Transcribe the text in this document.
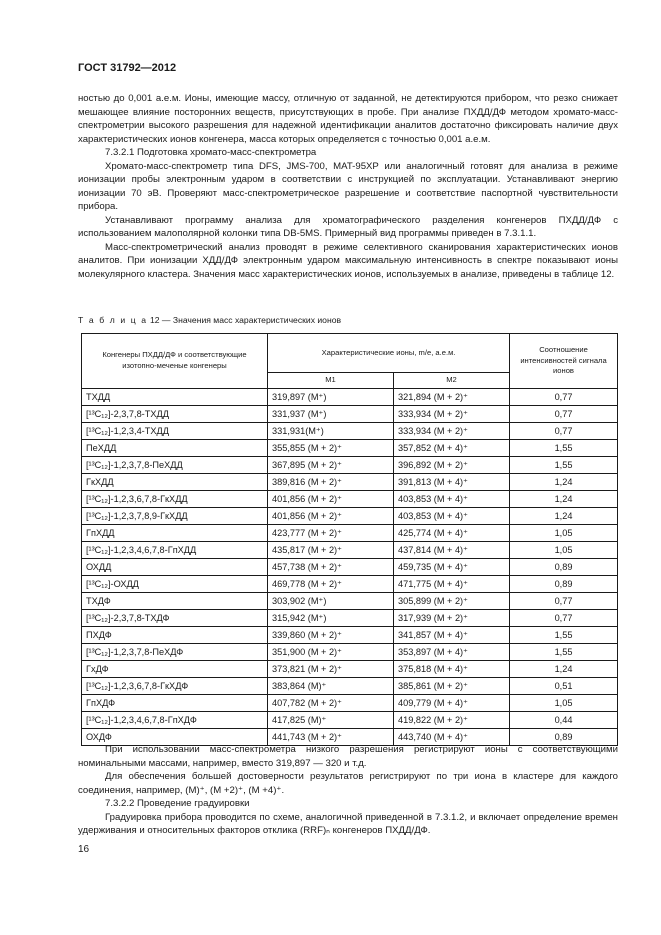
ГОСТ 31792—2012

ностью до 0,001 а.е.м. Ионы, имеющие массу, отличную от заданной, не детектируются прибором, что резко снижает мешающее влияние посторонних веществ, присутствующих в пробе. При анализе ПХДД/ДФ методом хромато-масс-спектрометрии высокого разрешения для надежной идентификации аналитов достаточно фиксировать наличие двух характеристических ионов конгенера, масса которых определяется с точностью 0,001 а.е.м.

7.3.2.1 Подготовка хромато-масс-спектрометра

Хромато-масс-спектрометр типа DFS, JMS-700, MAT-95XP или аналогичный готовят для анализа в режиме ионизации пробы электронным ударом в соответствии с инструкцией по эксплуатации. Устанавливают энергию ионизации 70 эВ. Проверяют масс-спектрометрическое разрешение и соответствие паспортной чувствительности прибора.

Устанавливают программу анализа для хроматографического разделения конгенеров ПХДД/ДФ с использованием малополярной колонки типа DB-5MS. Примерный вид программы приведен в 7.3.1.1.

Масс-спектрометрический анализ проводят в режиме селективного сканирования характеристических ионов аналитов. При ионизации ХДД/ДФ электронным ударом максимальную интенсивность в спектре показывают ионы молекулярного кластера. Значения масс характеристических ионов, используемых в анализе, приведены в таблице 12.

Т а б л и ц а 12 — Значения масс характеристических ионов
Конгенеры ПХДД/ДФ и соответствующие изотопно-меченые конгенеры	Характеристические ионы, m/e, а.е.м.		Соотношение интенсивностей сигнала ионов
	М1	М2	
ТХДД	319,897 (M⁺)	321,894 (M + 2)⁺	0,77
[¹³C₁₂]-2,3,7,8-ТХДД	331,937 (M⁺)	333,934 (M + 2)⁺	0,77
[¹³C₁₂]-1,2,3,4-ТХДД	331,931(M⁺)	333,934 (M + 2)⁺	0,77
ПеХДД	355,855 (M + 2)⁺	357,852 (M + 4)⁺	1,55
[¹³C₁₂]-1,2,3,7,8-ПеХДД	367,895 (M + 2)⁺	396,892 (M + 2)⁺	1,55
ГкХДД	389,816 (M + 2)⁺	391,813 (M + 4)⁺	1,24
[¹³C₁₂]-1,2,3,6,7,8-ГкХДД	401,856 (M + 2)⁺	403,853 (M + 4)⁺	1,24
[¹³C₁₂]-1,2,3,7,8,9-ГкХДД	401,856 (M + 2)⁺	403,853 (M + 4)⁺	1,24
ГпХДД	423,777 (M + 2)⁺	425,774 (M + 4)⁺	1,05
[¹³C₁₂]-1,2,3,4,6,7,8-ГпХДД	435,817 (M + 2)⁺	437,814 (M + 4)⁺	1,05
ОХДД	457,738 (M + 2)⁺	459,735 (M + 4)⁺	0,89
[¹³C₁₂]-ОХДД	469,778 (M + 2)⁺	471,775 (M + 4)⁺	0,89
ТХДФ	303,902 (M⁺)	305,899 (M + 2)⁺	0,77
[¹³C₁₂]-2,3,7,8-ТХДФ	315,942 (M⁺)	317,939 (M + 2)⁺	0,77
ПХДФ	339,860 (M + 2)⁺	341,857 (M + 4)⁺	1,55
[¹³C₁₂]-1,2,3,7,8-ПеХДФ	351,900 (M + 2)⁺	353,897 (M + 4)⁺	1,55
ГхДФ	373,821 (M + 2)⁺	375,818 (M + 4)⁺	1,24
[¹³C₁₂]-1,2,3,6,7,8-ГкХДФ	383,864 (M)⁺	385,861 (M + 2)⁺	0,51
ГпХДФ	407,782 (M + 2)⁺	409,779 (M + 4)⁺	1,05
[¹³C₁₂]-1,2,3,4,6,7,8-ГпХДФ	417,825 (M)⁺	419,822 (M + 2)⁺	0,44
ОХДФ	441,743 (M + 2)⁺	443,740 (M + 4)⁺	0,89

При использовании масс-спектрометра низкого разрешения регистрируют ионы с соответствующими номинальными массами, например, вместо 319,897 — 320 и т.д.

Для обеспечения большей достоверности результатов регистрируют по три иона в кластере для каждого соединения, например, (M)⁺, (M +2)⁺, (M +4)⁺.

7.3.2.2 Проведение градуировки

Градуировка прибора проводится по схеме, аналогичной приведенной в 7.3.1.2, и включает определение времен удерживания и относительных факторов отклика (RRF)ₙ конгенеров ПХДД/ДФ.

16
